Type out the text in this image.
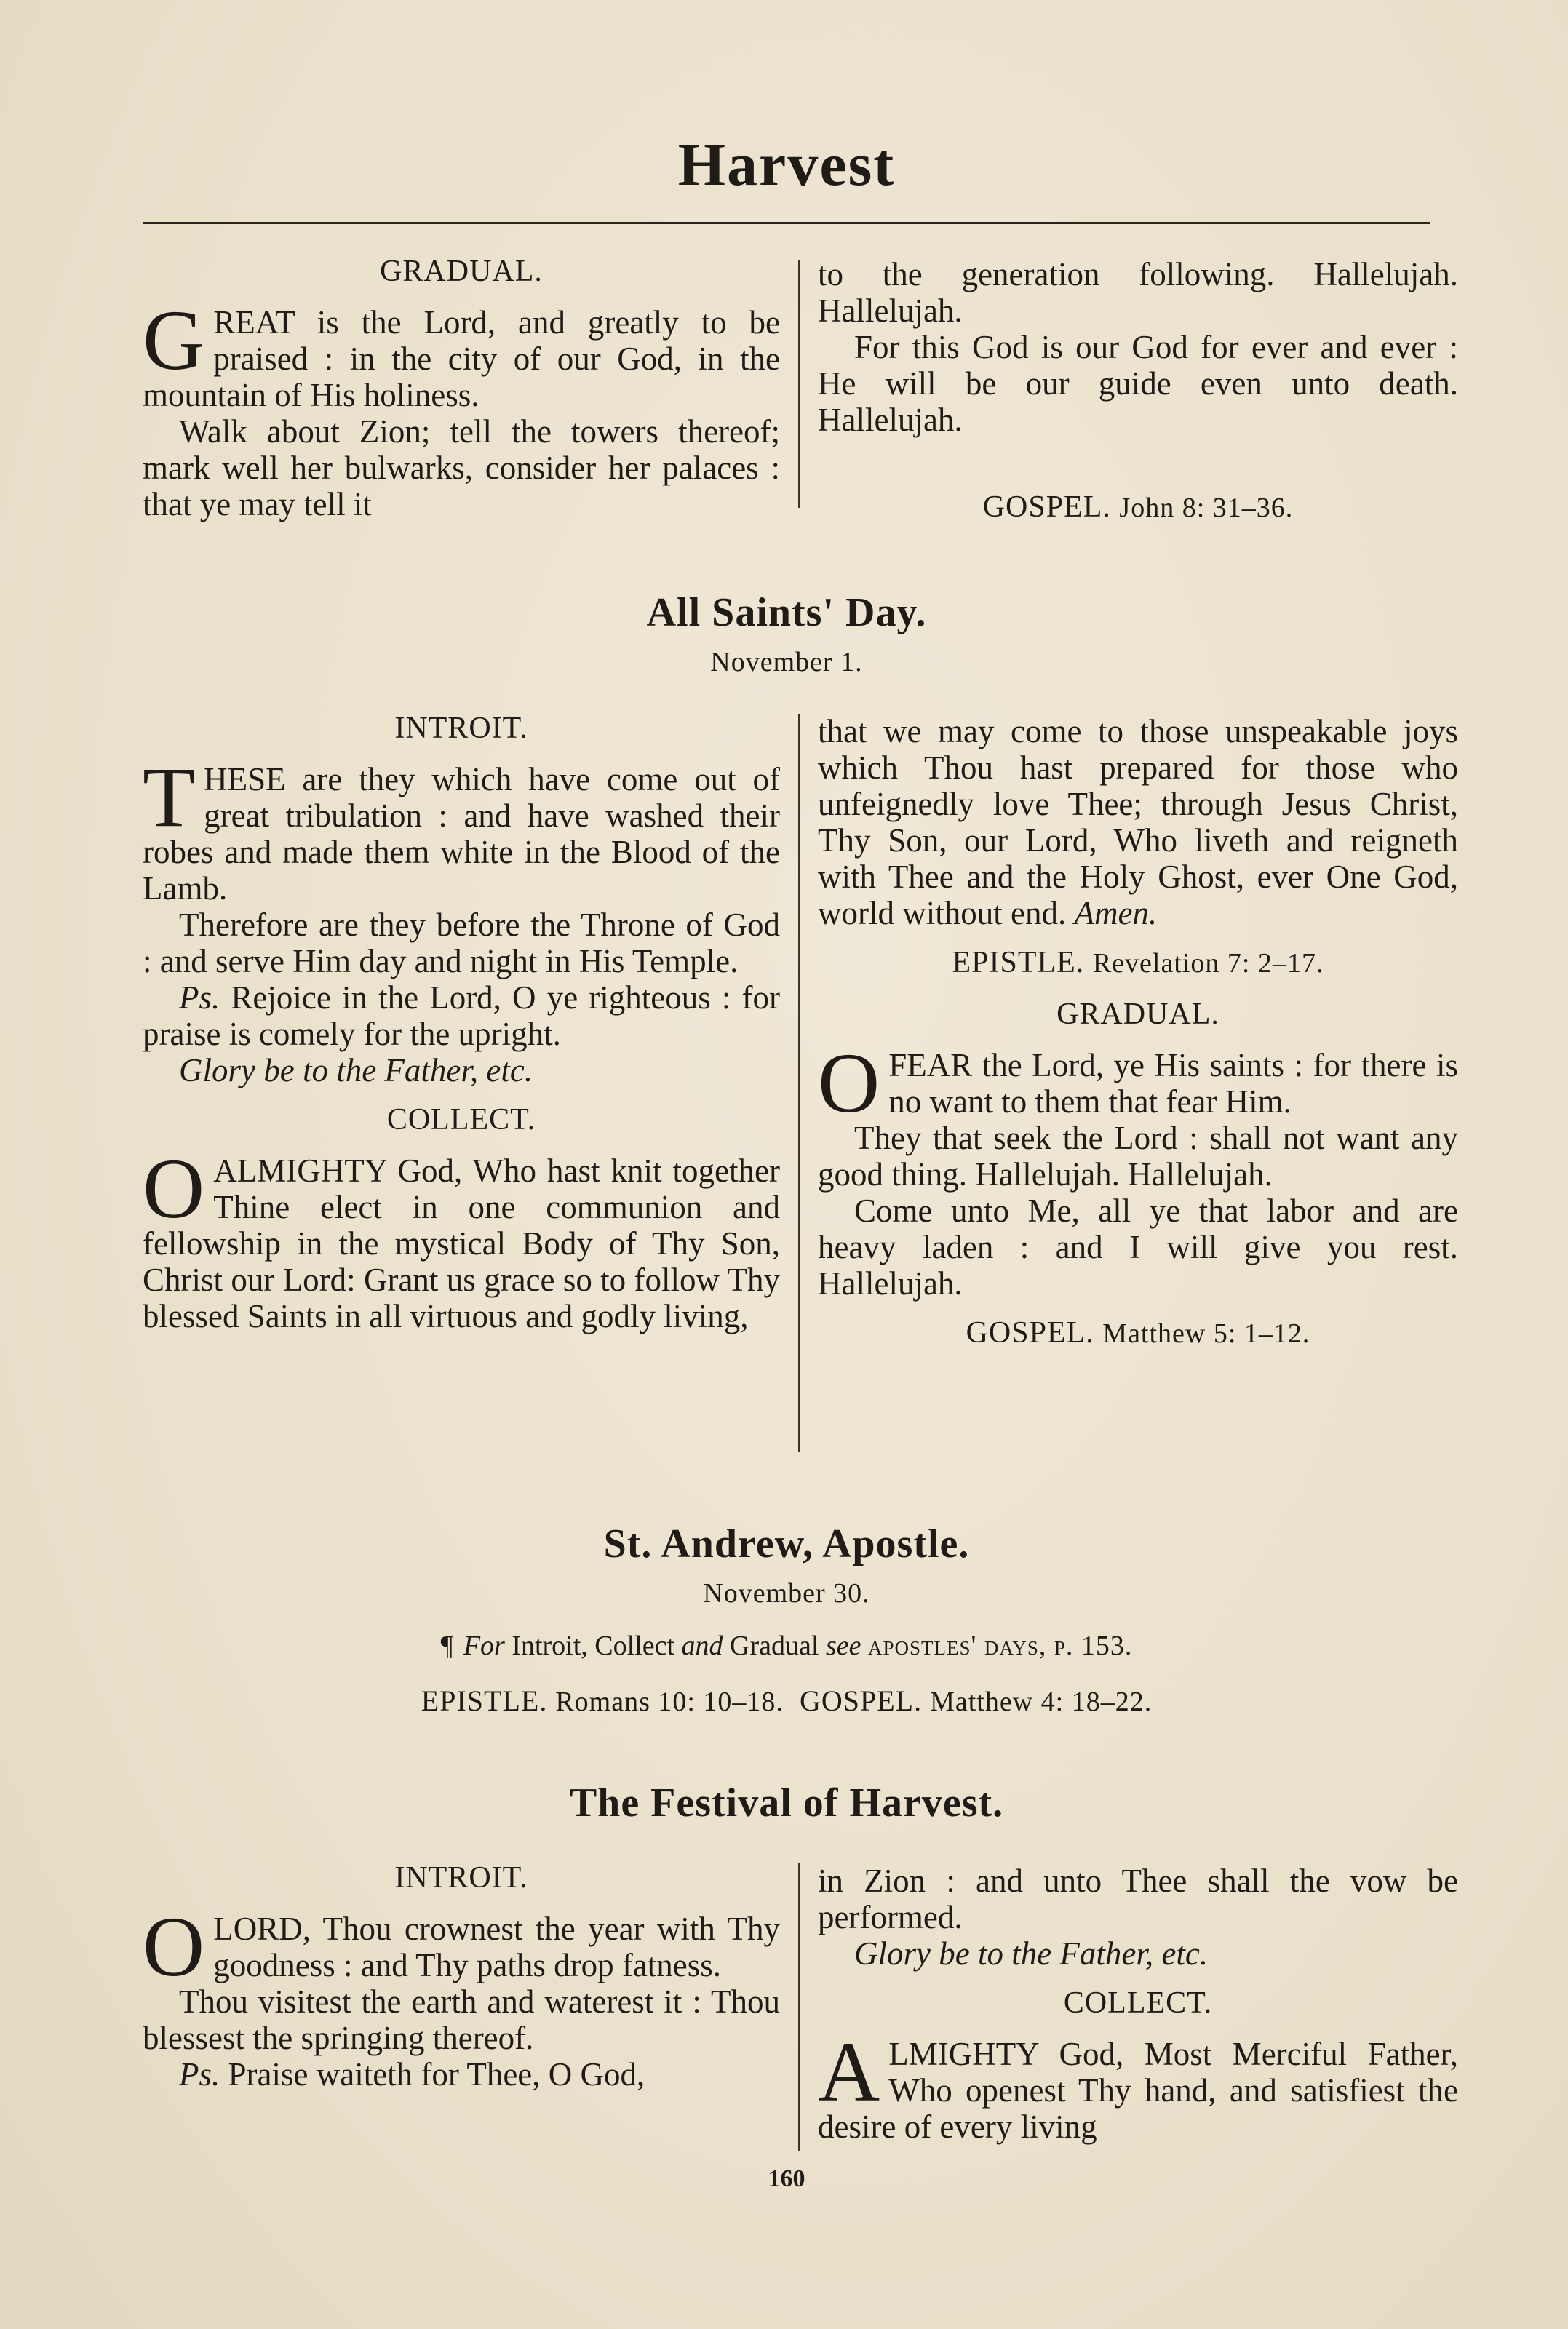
Harvest

GRADUAL.

GREAT is the Lord, and greatly to be praised : in the city of our God, in the mountain of His holiness.

Walk about Zion; tell the towers thereof; mark well her bulwarks, consider her palaces : that ye may tell it

to the generation following. Hallelujah. Hallelujah.

For this God is our God for ever and ever : He will be our guide even unto death. Hallelujah.

GOSPEL. John 8: 31–36.

All Saints' Day.
November 1.

INTROIT.

THESE are they which have come out of great tribulation : and have washed their robes and made them white in the Blood of the Lamb.

Therefore are they before the Throne of God : and serve Him day and night in His Temple.

Ps. Rejoice in the Lord, O ye righteous : for praise is comely for the upright.

Glory be to the Father, etc.

COLLECT.

OALMIGHTY God, Who hast knit together Thine elect in one communion and fellowship in the mystical Body of Thy Son, Christ our Lord: Grant us grace so to follow Thy blessed Saints in all virtuous and godly living,

that we may come to those unspeakable joys which Thou hast prepared for those who unfeignedly love Thee; through Jesus Christ, Thy Son, our Lord, Who liveth and reigneth with Thee and the Holy Ghost, ever One God, world without end. Amen.

EPISTLE. Revelation 7: 2–17.

GRADUAL.

OFEAR the Lord, ye His saints : for there is no want to them that fear Him.

They that seek the Lord : shall not want any good thing. Hallelujah. Hallelujah.

Come unto Me, all ye that labor and are heavy laden : and I will give you rest. Hallelujah.

GOSPEL. Matthew 5: 1–12.

St. Andrew, Apostle.
November 30.
¶ For Introit, Collect and Gradual see apostles' days, p. 153.
EPISTLE. Romans 10: 10–18. GOSPEL. Matthew 4: 18–22.
The Festival of Harvest.

INTROIT.

OLORD, Thou crownest the year with Thy goodness : and Thy paths drop fatness.

Thou visitest the earth and waterest it : Thou blessest the springing thereof.

Ps. Praise waiteth for Thee, O God,

in Zion : and unto Thee shall the vow be performed.

Glory be to the Father, etc.

COLLECT.

ALMIGHTY God, Most Merciful Father, Who openest Thy hand, and satisfiest the desire of every living

160
